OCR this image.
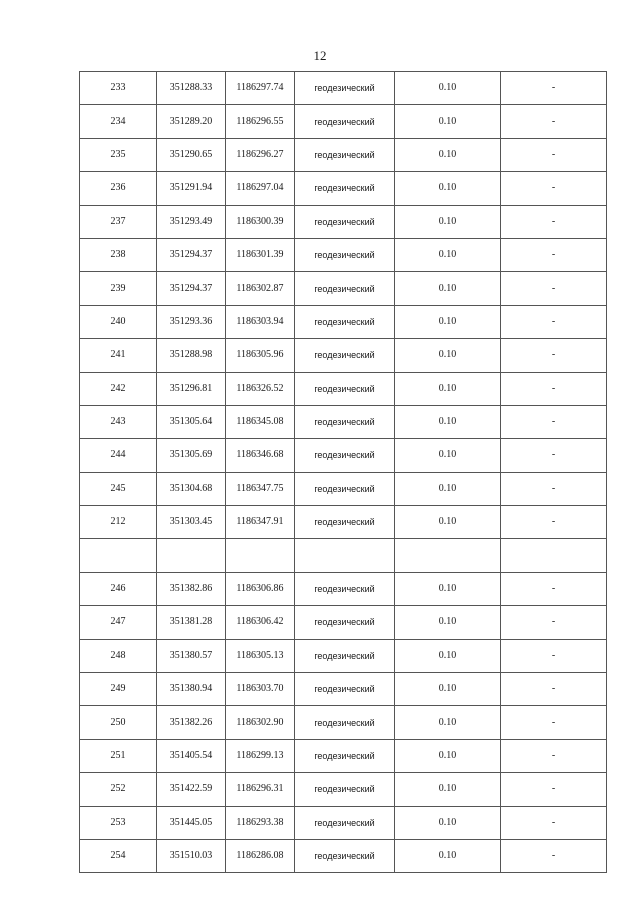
12
233	351288.33	1186297.74	геодезический	0.10	-
234	351289.20	1186296.55	геодезический	0.10	-
235	351290.65	1186296.27	геодезический	0.10	-
236	351291.94	1186297.04	геодезический	0.10	-
237	351293.49	1186300.39	геодезический	0.10	-
238	351294.37	1186301.39	геодезический	0.10	-
239	351294.37	1186302.87	геодезический	0.10	-
240	351293.36	1186303.94	геодезический	0.10	-
241	351288.98	1186305.96	геодезический	0.10	-
242	351296.81	1186326.52	геодезический	0.10	-
243	351305.64	1186345.08	геодезический	0.10	-
244	351305.69	1186346.68	геодезический	0.10	-
245	351304.68	1186347.75	геодезический	0.10	-
212	351303.45	1186347.91	геодезический	0.10	-

246	351382.86	1186306.86	геодезический	0.10	-
247	351381.28	1186306.42	геодезический	0.10	-
248	351380.57	1186305.13	геодезический	0.10	-
249	351380.94	1186303.70	геодезический	0.10	-
250	351382.26	1186302.90	геодезический	0.10	-
251	351405.54	1186299.13	геодезический	0.10	-
252	351422.59	1186296.31	геодезический	0.10	-
253	351445.05	1186293.38	геодезический	0.10	-
254	351510.03	1186286.08	геодезический	0.10	-
